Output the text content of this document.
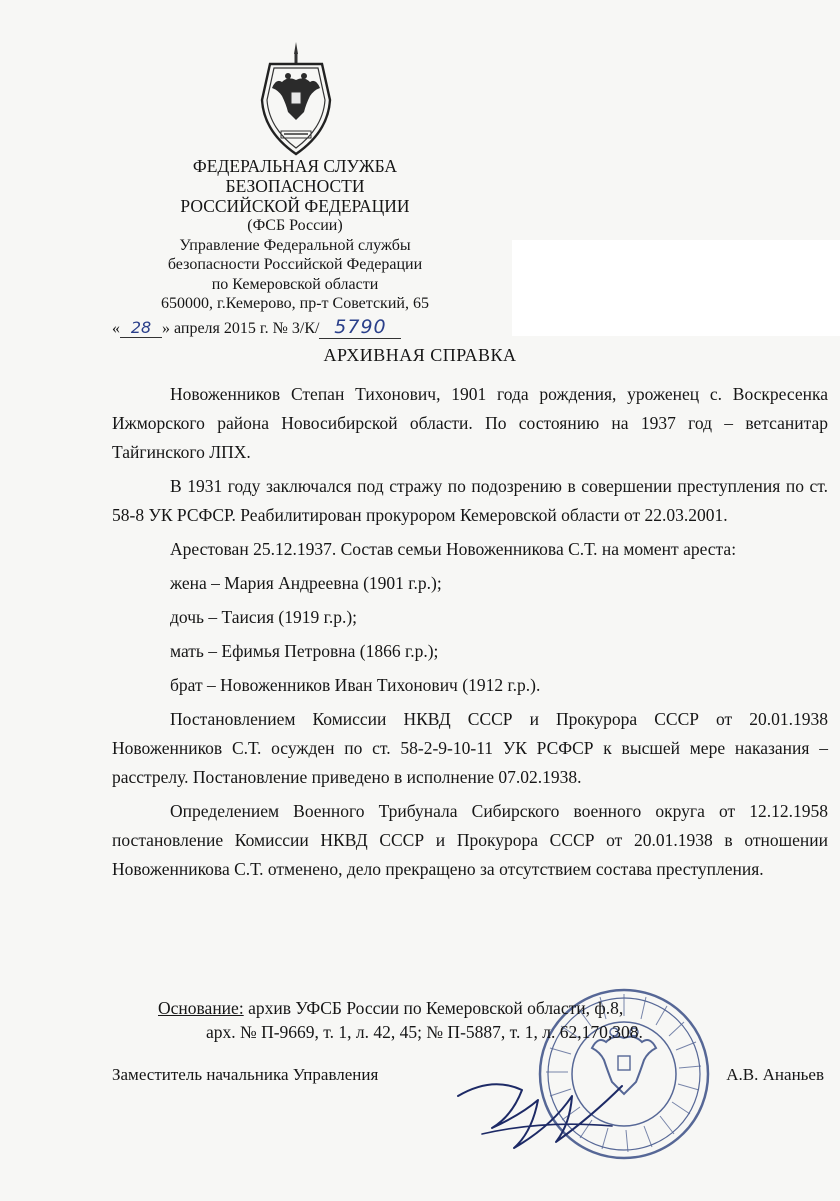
ФЕДЕРАЛЬНАЯ СЛУЖБА
БЕЗОПАСНОСТИ
РОССИЙСКОЙ ФЕДЕРАЦИИ
(ФСБ России)
Управление Федеральной службы
безопасности Российской Федерации
по Кемеровской области
650000, г.Кемерово, пр-т Советский, 65
« 28 » апреля 2015 г. № 3/К/ 5790
АРХИВНАЯ СПРАВКА

Новоженников Степан Тихонович, 1901 года рождения, уроженец с. Воскресенка Ижморского района Новосибирской области. По состоянию на 1937 год – ветсанитар Тайгинского ЛПХ.

В 1931 году заключался под стражу по подозрению в совершении преступления по ст. 58-8 УК РСФСР. Реабилитирован прокурором Кемеровской области от 22.03.2001.

Арестован 25.12.1937. Состав семьи Новоженникова С.Т. на момент ареста:

жена – Мария Андреевна (1901 г.р.);
дочь – Таисия (1919 г.р.);
мать – Ефимья Петровна (1866 г.р.);
брат – Новоженников Иван Тихонович (1912 г.р.).

Постановлением Комиссии НКВД СССР и Прокурора СССР от 20.01.1938 Новоженников С.Т. осужден по ст. 58-2-9-10-11 УК РСФСР к высшей мере наказания – расстрелу. Постановление приведено в исполнение 07.02.1938.

Определением Военного Трибунала Сибирского военного округа от 12.12.1958 постановление Комиссии НКВД СССР и Прокурора СССР от 20.01.1938 в отношении Новоженникова С.Т. отменено, дело прекращено за отсутствием состава преступления.

Основание: архив УФСБ России по Кемеровской области, ф.8,
арх. № П-9669, т. 1, л. 42, 45; № П-5887, т. 1, л. 62,170,308.
Заместитель начальника Управления	А.В. Ананьев
